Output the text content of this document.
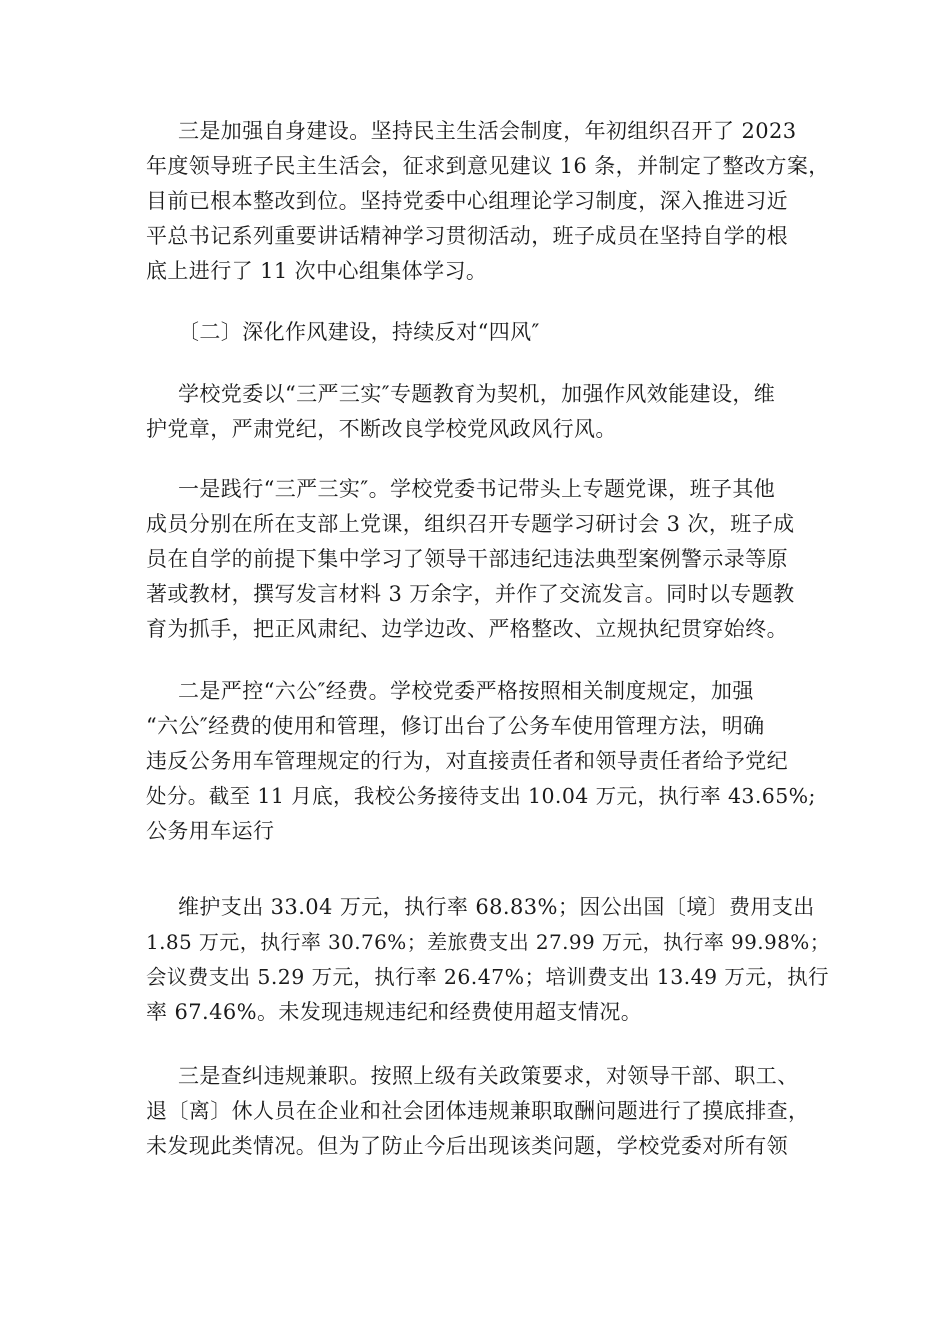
三是加强自身建设。坚持民主生活会制度，年初组织召开了 2023
年度领导班子民主生活会，征求到意见建议 16 条，并制定了整改方案，
目前已根本整改到位。坚持党委中心组理论学习制度，深入推进习近
平总书记系列重要讲话精神学习贯彻活动，班子成员在坚持自学的根
底上进行了 11 次中心组集体学习。
〔二〕深化作风建设，持续反对“四风″
学校党委以“三严三实″专题教育为契机，加强作风效能建设，维
护党章，严肃党纪，不断改良学校党风政风行风。
一是践行“三严三实″。学校党委书记带头上专题党课，班子其他
成员分别在所在支部上党课，组织召开专题学习研讨会 3 次，班子成
员在自学的前提下集中学习了领导干部违纪违法典型案例警示录等原
著或教材，撰写发言材料 3 万余字，并作了交流发言。同时以专题教
育为抓手，把正风肃纪、边学边改、严格整改、立规执纪贯穿始终。
二是严控“六公″经费。学校党委严格按照相关制度规定，加强
“六公″经费的使用和管理，修订出台了公务车使用管理方法，明确
违反公务用车管理规定的行为，对直接责任者和领导责任者给予党纪
处分。截至 11 月底，我校公务接待支出 10.04 万元，执行率 43.65%;
公务用车运行
维护支出 33.04 万元，执行率 68.83%；因公出国〔境〕费用支出
1.85 万元，执行率 30.76%；差旅费支出 27.99 万元，执行率 99.98%；
会议费支出 5.29 万元，执行率 26.47%；培训费支出 13.49 万元，执行
率 67.46%。未发现违规违纪和经费使用超支情况。
三是查纠违规兼职。按照上级有关政策要求，对领导干部、职工、
退〔离〕休人员在企业和社会团体违规兼职取酬问题进行了摸底排查，
未发现此类情况。但为了防止今后出现该类问题，学校党委对所有领
